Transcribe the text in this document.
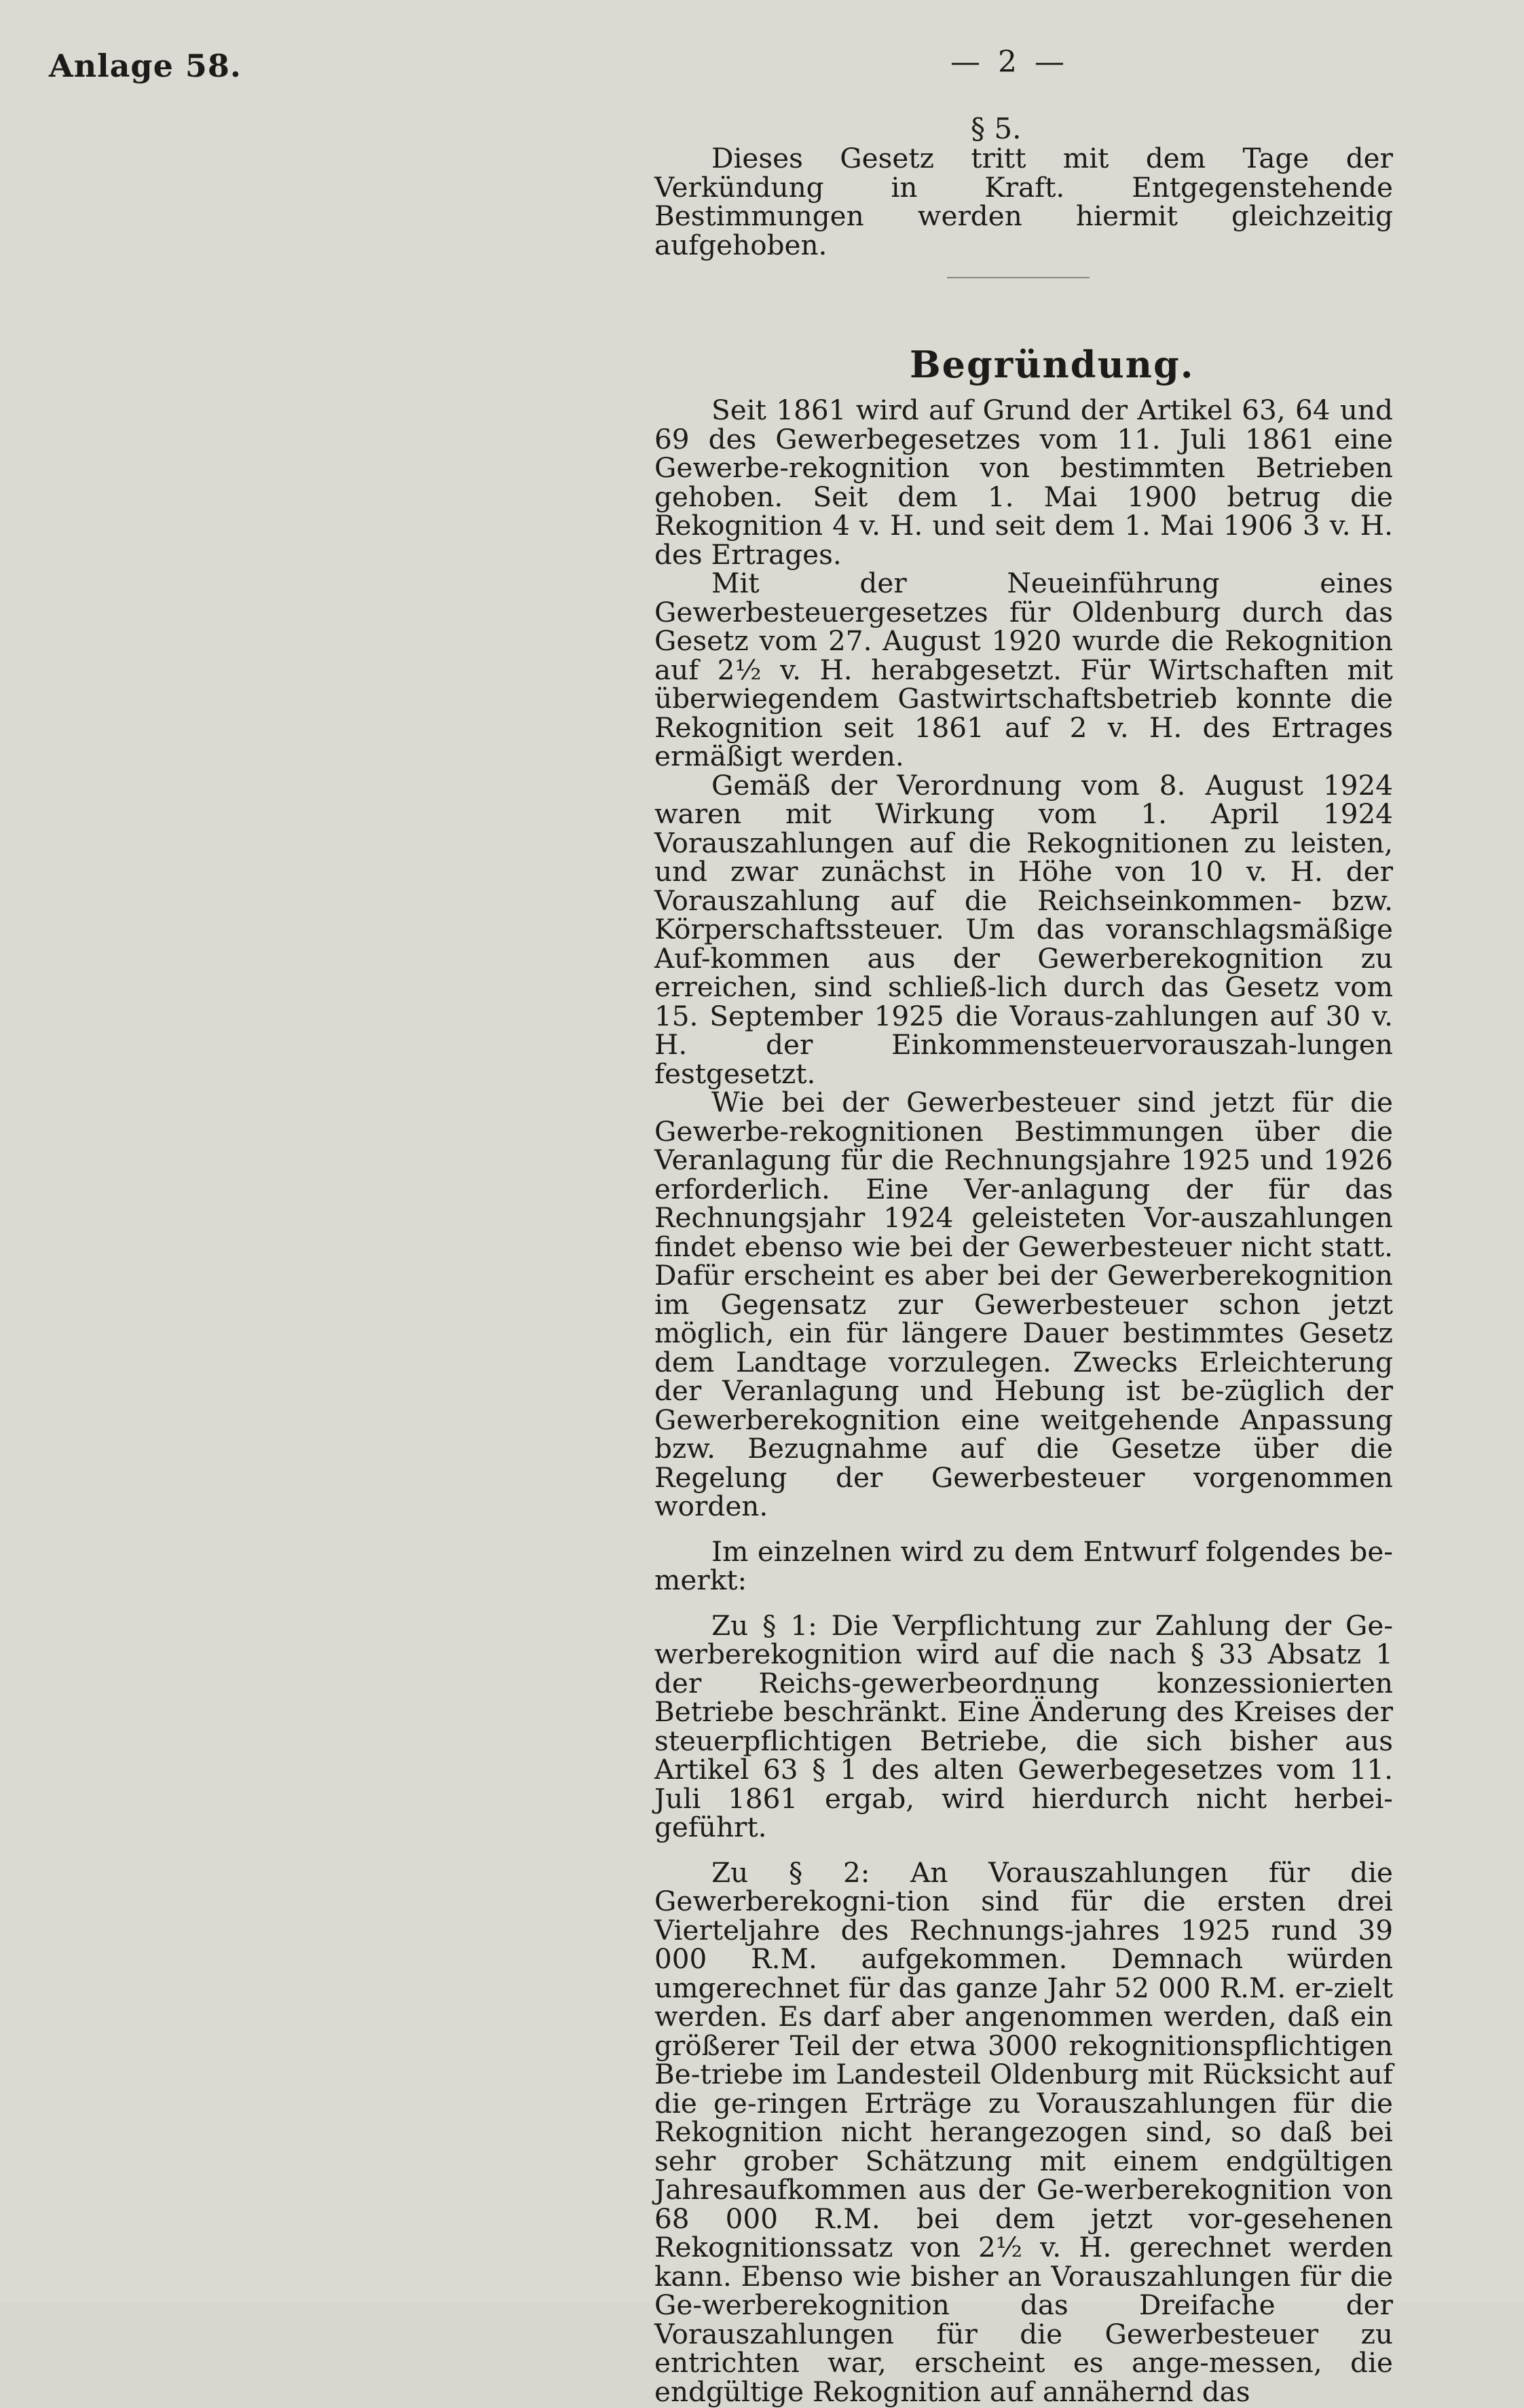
Anlage 58.	— 2 —
§ 5.

Dieses Gesetz tritt mit dem Tage der Verkündung in Kraft. Entgegenstehende Bestimmungen werden hiermit gleichzeitig aufgehoben.

Begründung.

Seit 1861 wird auf Grund der Artikel 63, 64 und 69 des Gewerbegesetzes vom 11. Juli 1861 eine Gewerbe-rekognition von bestimmten Betrieben gehoben. Seit dem 1. Mai 1900 betrug die Rekognition 4 v. H. und seit dem 1. Mai 1906 3 v. H. des Ertrages.

Mit der Neueinführung eines Gewerbesteuergesetzes für Oldenburg durch das Gesetz vom 27. August 1920 wurde die Rekognition auf 2½ v. H. herabgesetzt. Für Wirtschaften mit überwiegendem Gastwirtschaftsbetrieb konnte die Rekognition seit 1861 auf 2 v. H. des Ertrages ermäßigt werden.

Gemäß der Verordnung vom 8. August 1924 waren mit Wirkung vom 1. April 1924 Vorauszahlungen auf die Rekognitionen zu leisten, und zwar zunächst in Höhe von 10 v. H. der Vorauszahlung auf die Reichseinkommen- bzw. Körperschaftssteuer. Um das voranschlagsmäßige Auf-kommen aus der Gewerberekognition zu erreichen, sind schließ-lich durch das Gesetz vom 15. September 1925 die Voraus-zahlungen auf 30 v. H. der Einkommensteuervorauszah-lungen festgesetzt.

Wie bei der Gewerbesteuer sind jetzt für die Gewerbe-rekognitionen Bestimmungen über die Veranlagung für die Rechnungsjahre 1925 und 1926 erforderlich. Eine Ver-anlagung der für das Rechnungsjahr 1924 geleisteten Vor-auszahlungen findet ebenso wie bei der Gewerbesteuer nicht statt. Dafür erscheint es aber bei der Gewerberekognition im Gegensatz zur Gewerbesteuer schon jetzt möglich, ein für längere Dauer bestimmtes Gesetz dem Landtage vorzulegen. Zwecks Erleichterung der Veranlagung und Hebung ist be-züglich der Gewerberekognition eine weitgehende Anpassung bzw. Bezugnahme auf die Gesetze über die Regelung der Gewerbesteuer vorgenommen worden.

Im einzelnen wird zu dem Entwurf folgendes be-merkt:

Zu § 1: Die Verpflichtung zur Zahlung der Ge-werberekognition wird auf die nach § 33 Absatz 1 der Reichs-gewerbeordnung konzessionierten Betriebe beschränkt. Eine Änderung des Kreises der steuerpflichtigen Betriebe, die sich bisher aus Artikel 63 § 1 des alten Gewerbegesetzes vom 11. Juli 1861 ergab, wird hierdurch nicht herbei-geführt.

Zu § 2: An Vorauszahlungen für die Gewerberekogni-tion sind für die ersten drei Vierteljahre des Rechnungs-jahres 1925 rund 39 000 R.M. aufgekommen. Demnach würden umgerechnet für das ganze Jahr 52 000 R.M. er-zielt werden. Es darf aber angenommen werden, daß ein größerer Teil der etwa 3000 rekognitionspflichtigen Be-triebe im Landesteil Oldenburg mit Rücksicht auf die ge-ringen Erträge zu Vorauszahlungen für die Rekognition nicht herangezogen sind, so daß bei sehr grober Schätzung mit einem endgültigen Jahresaufkommen aus der Ge-werberekognition von 68 000 R.M. bei dem jetzt vor-gesehenen Rekognitionssatz von 2½ v. H. gerechnet werden kann. Ebenso wie bisher an Vorauszahlungen für die Ge-werberekognition das Dreifache der Vorauszahlungen für die Gewerbesteuer zu entrichten war, erscheint es ange-messen, die endgültige Rekognition auf annähernd das
